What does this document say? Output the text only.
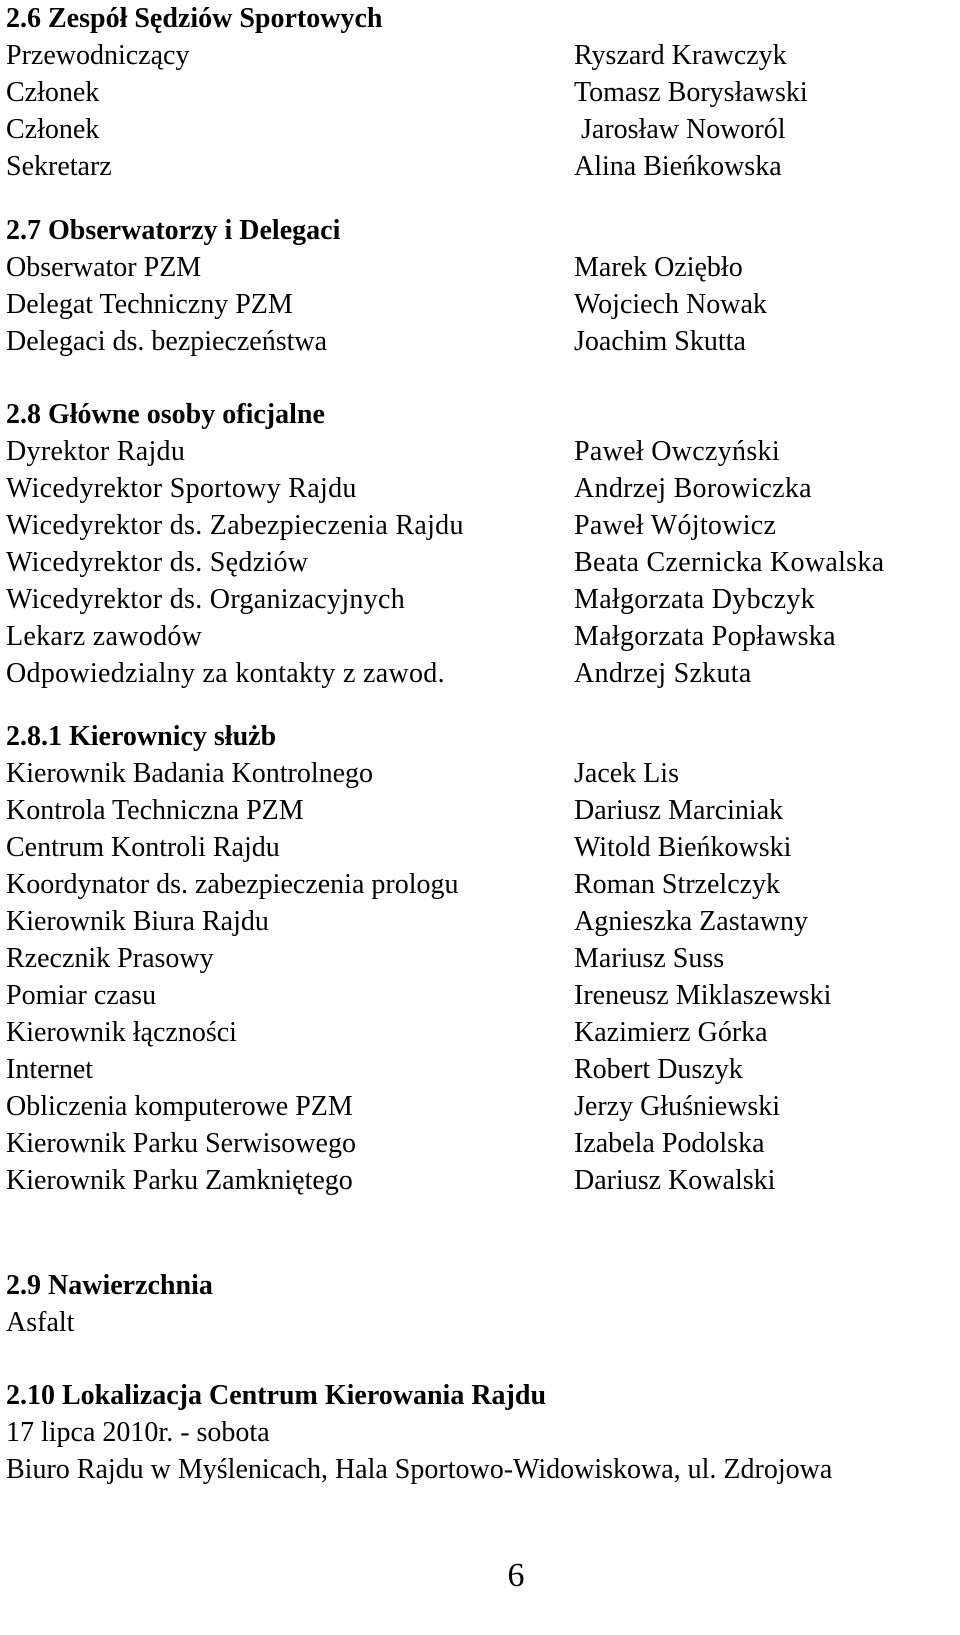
2.6 Zespół Sędziów Sportowych
Przewodniczący	Ryszard Krawczyk
Członek	Tomasz Borysławski
Członek	Jarosław Noworól
Sekretarz	Alina Bieńkowska
2.7 Obserwatorzy i Delegaci
Obserwator PZM	Marek Oziębło
Delegat Techniczny PZM	Wojciech Nowak
Delegaci ds. bezpieczeństwa	Joachim Skutta
2.8 Główne osoby oficjalne
Dyrektor Rajdu	Paweł Owczyński
Wicedyrektor Sportowy Rajdu	Andrzej Borowiczka
Wicedyrektor ds. Zabezpieczenia Rajdu	Paweł Wójtowicz
Wicedyrektor ds. Sędziów	Beata Czernicka Kowalska
Wicedyrektor ds. Organizacyjnych	Małgorzata Dybczyk
Lekarz zawodów	Małgorzata Popławska
Odpowiedzialny za kontakty z zawod.	Andrzej Szkuta
2.8.1 Kierownicy służb
Kierownik Badania Kontrolnego	Jacek Lis
Kontrola Techniczna PZM	Dariusz Marciniak
Centrum Kontroli Rajdu	Witold Bieńkowski
Koordynator ds. zabezpieczenia prologu	Roman Strzelczyk
Kierownik Biura Rajdu	Agnieszka Zastawny
Rzecznik Prasowy	Mariusz Suss
Pomiar czasu	Ireneusz Miklaszewski
Kierownik łączności	Kazimierz Górka
Internet	Robert Duszyk
Obliczenia komputerowe PZM	Jerzy Głuśniewski
Kierownik Parku Serwisowego	Izabela Podolska
Kierownik Parku Zamkniętego	Dariusz Kowalski
2.9 Nawierzchnia
Asfalt
2.10 Lokalizacja Centrum Kierowania Rajdu
17 lipca 2010r. - sobota
Biuro Rajdu w Myślenicach, Hala Sportowo-Widowiskowa, ul. Zdrojowa
6
